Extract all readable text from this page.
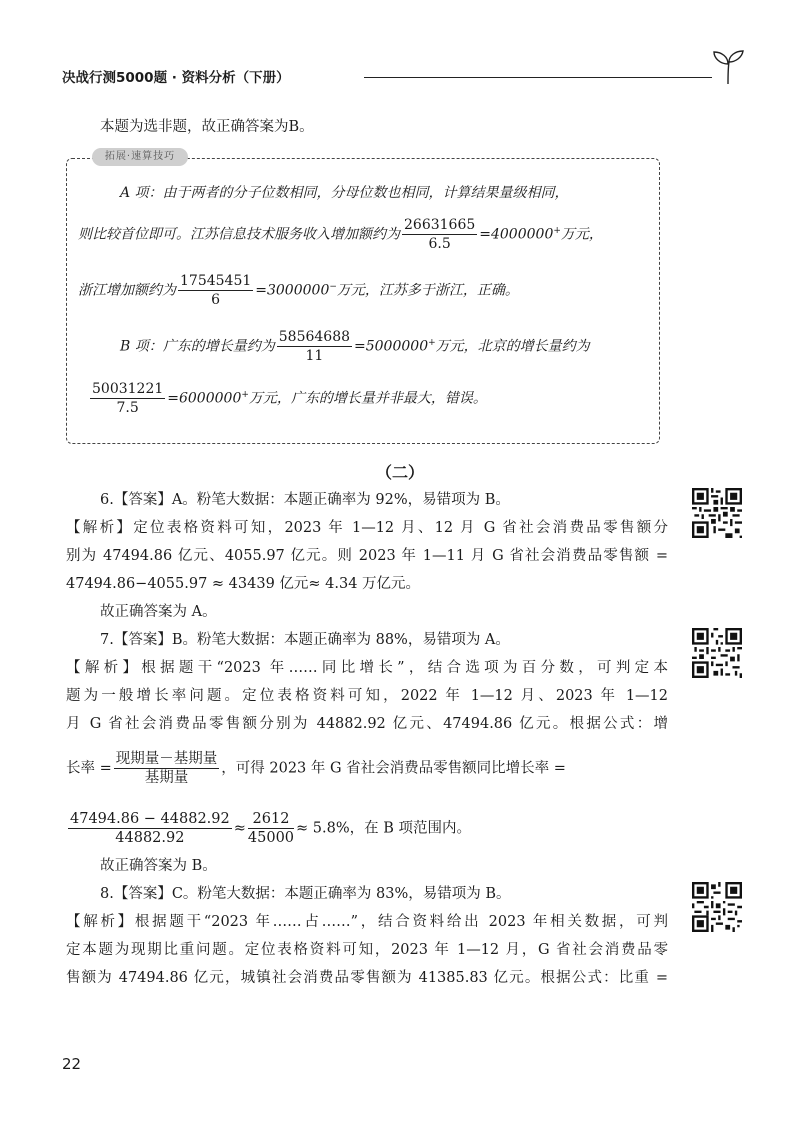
决战行测5000题 · 资料分析（下册）
本题为选非题，故正确答案为B。
拓展·速算技巧
A 项：由于两者的分子位数相同，分母位数也相同，计算结果量级相同，
则比较首位即可。江苏信息技术服务收入增加额约为 $\frac{26631665}{6.5} =4000000^+$万元，
浙江增加额约为 $\frac{17545451}{6} =3000000^-$万元，江苏多于浙江，正确。
B 项：广东的增长量约为 $\frac{58564688}{11} =5000000^+$万元，北京的增长量约为
$\frac{50031221}{7.5} =6000000^+$万元，广东的增长量并非最大，错误。
（二）
6.【答案】A。粉笔大数据：本题正确率为 92%，易错项为 B。
【解析】定位表格资料可知，2023 年 1—12 月、12 月 G 省社会消费品零售额分
别为 47494.86 亿元、4055.97 亿元。则 2023 年 1—11 月 G 省社会消费品零售额 =
47494.86−4055.97 ≈ 43439 亿元≈ 4.34 万亿元。
故正确答案为 A。
7.【答案】B。粉笔大数据：本题正确率为 88%，易错项为 A。
【解析】根据题干“2023 年……同比增长”，结合选项为百分数，可判定本
题为一般增长率问题。定位表格资料可知，2022 年 1—12 月、2023 年 1—12
月 G 省社会消费品零售额分别为 44882.92 亿元、47494.86 亿元。根据公式：增
长率 = $\frac{\text{现期量－基期量}}{\text{基期量}}$ ，可得 2023 年 G 省社会消费品零售额同比增长率 =
$\frac{47494.86 - 44882.92}{44882.92} \approx \frac{2612}{45000} \approx 5.8\%$，在 B 项范围内。
故正确答案为 B。
8.【答案】C。粉笔大数据：本题正确率为 83%，易错项为 B。
【解析】根据题干“2023 年……占……”，结合资料给出 2023 年相关数据，可判
定本题为现期比重问题。定位表格资料可知，2023 年 1—12 月，G 省社会消费品零
售额为 47494.86 亿元，城镇社会消费品零售额为 41385.83 亿元。根据公式：比重 =
22
